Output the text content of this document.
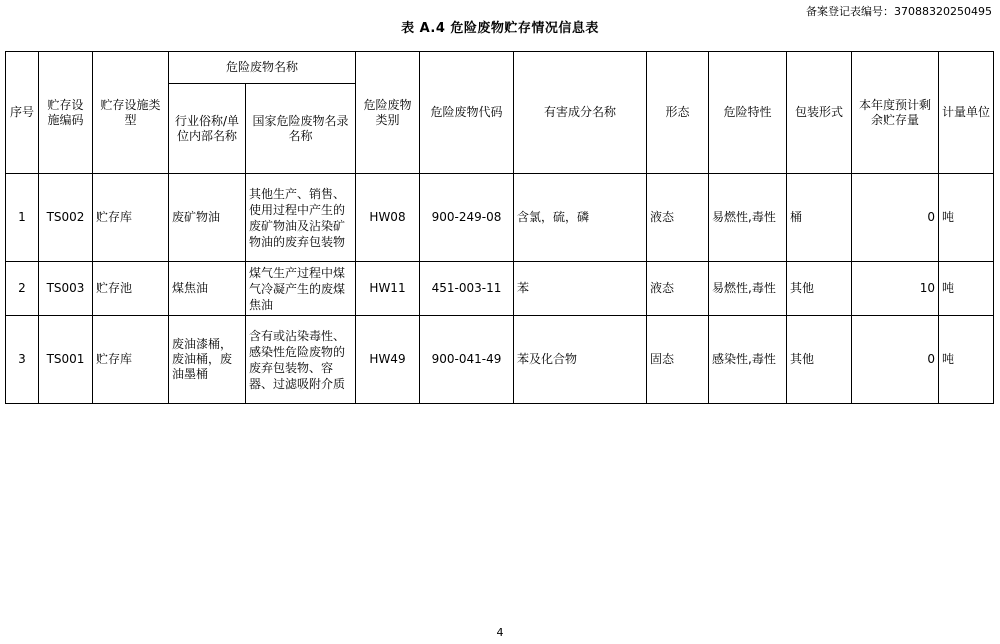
备案登记表编号：37088320250495
表 A.4 危险废物贮存情况信息表
序号	贮存设施编码	贮存设施类型	危险废物名称		危险废物类别	危险废物代码	有害成分名称	形态	危险特性	包装形式	本年度预计剩余贮存量	计量单位
			行业俗称/单位内部名称	国家危险废物名录名称								
1	TS002	贮存库	废矿物油	其他生产、销售、使用过程中产生的废矿物油及沾染矿物油的废弃包装物	HW08	900-249-08	含氯，硫，磷	液态	易燃性,毒性	桶	0	吨
2	TS003	贮存池	煤焦油	煤气生产过程中煤气冷凝产生的废煤焦油	HW11	451-003-11	苯	液态	易燃性,毒性	其他	10	吨
3	TS001	贮存库	废油漆桶，废油桶，废油墨桶	含有或沾染毒性、感染性危险废物的废弃包装物、容器、过滤吸附介质	HW49	900-041-49	苯及化合物	固态	感染性,毒性	其他	0	吨
4
